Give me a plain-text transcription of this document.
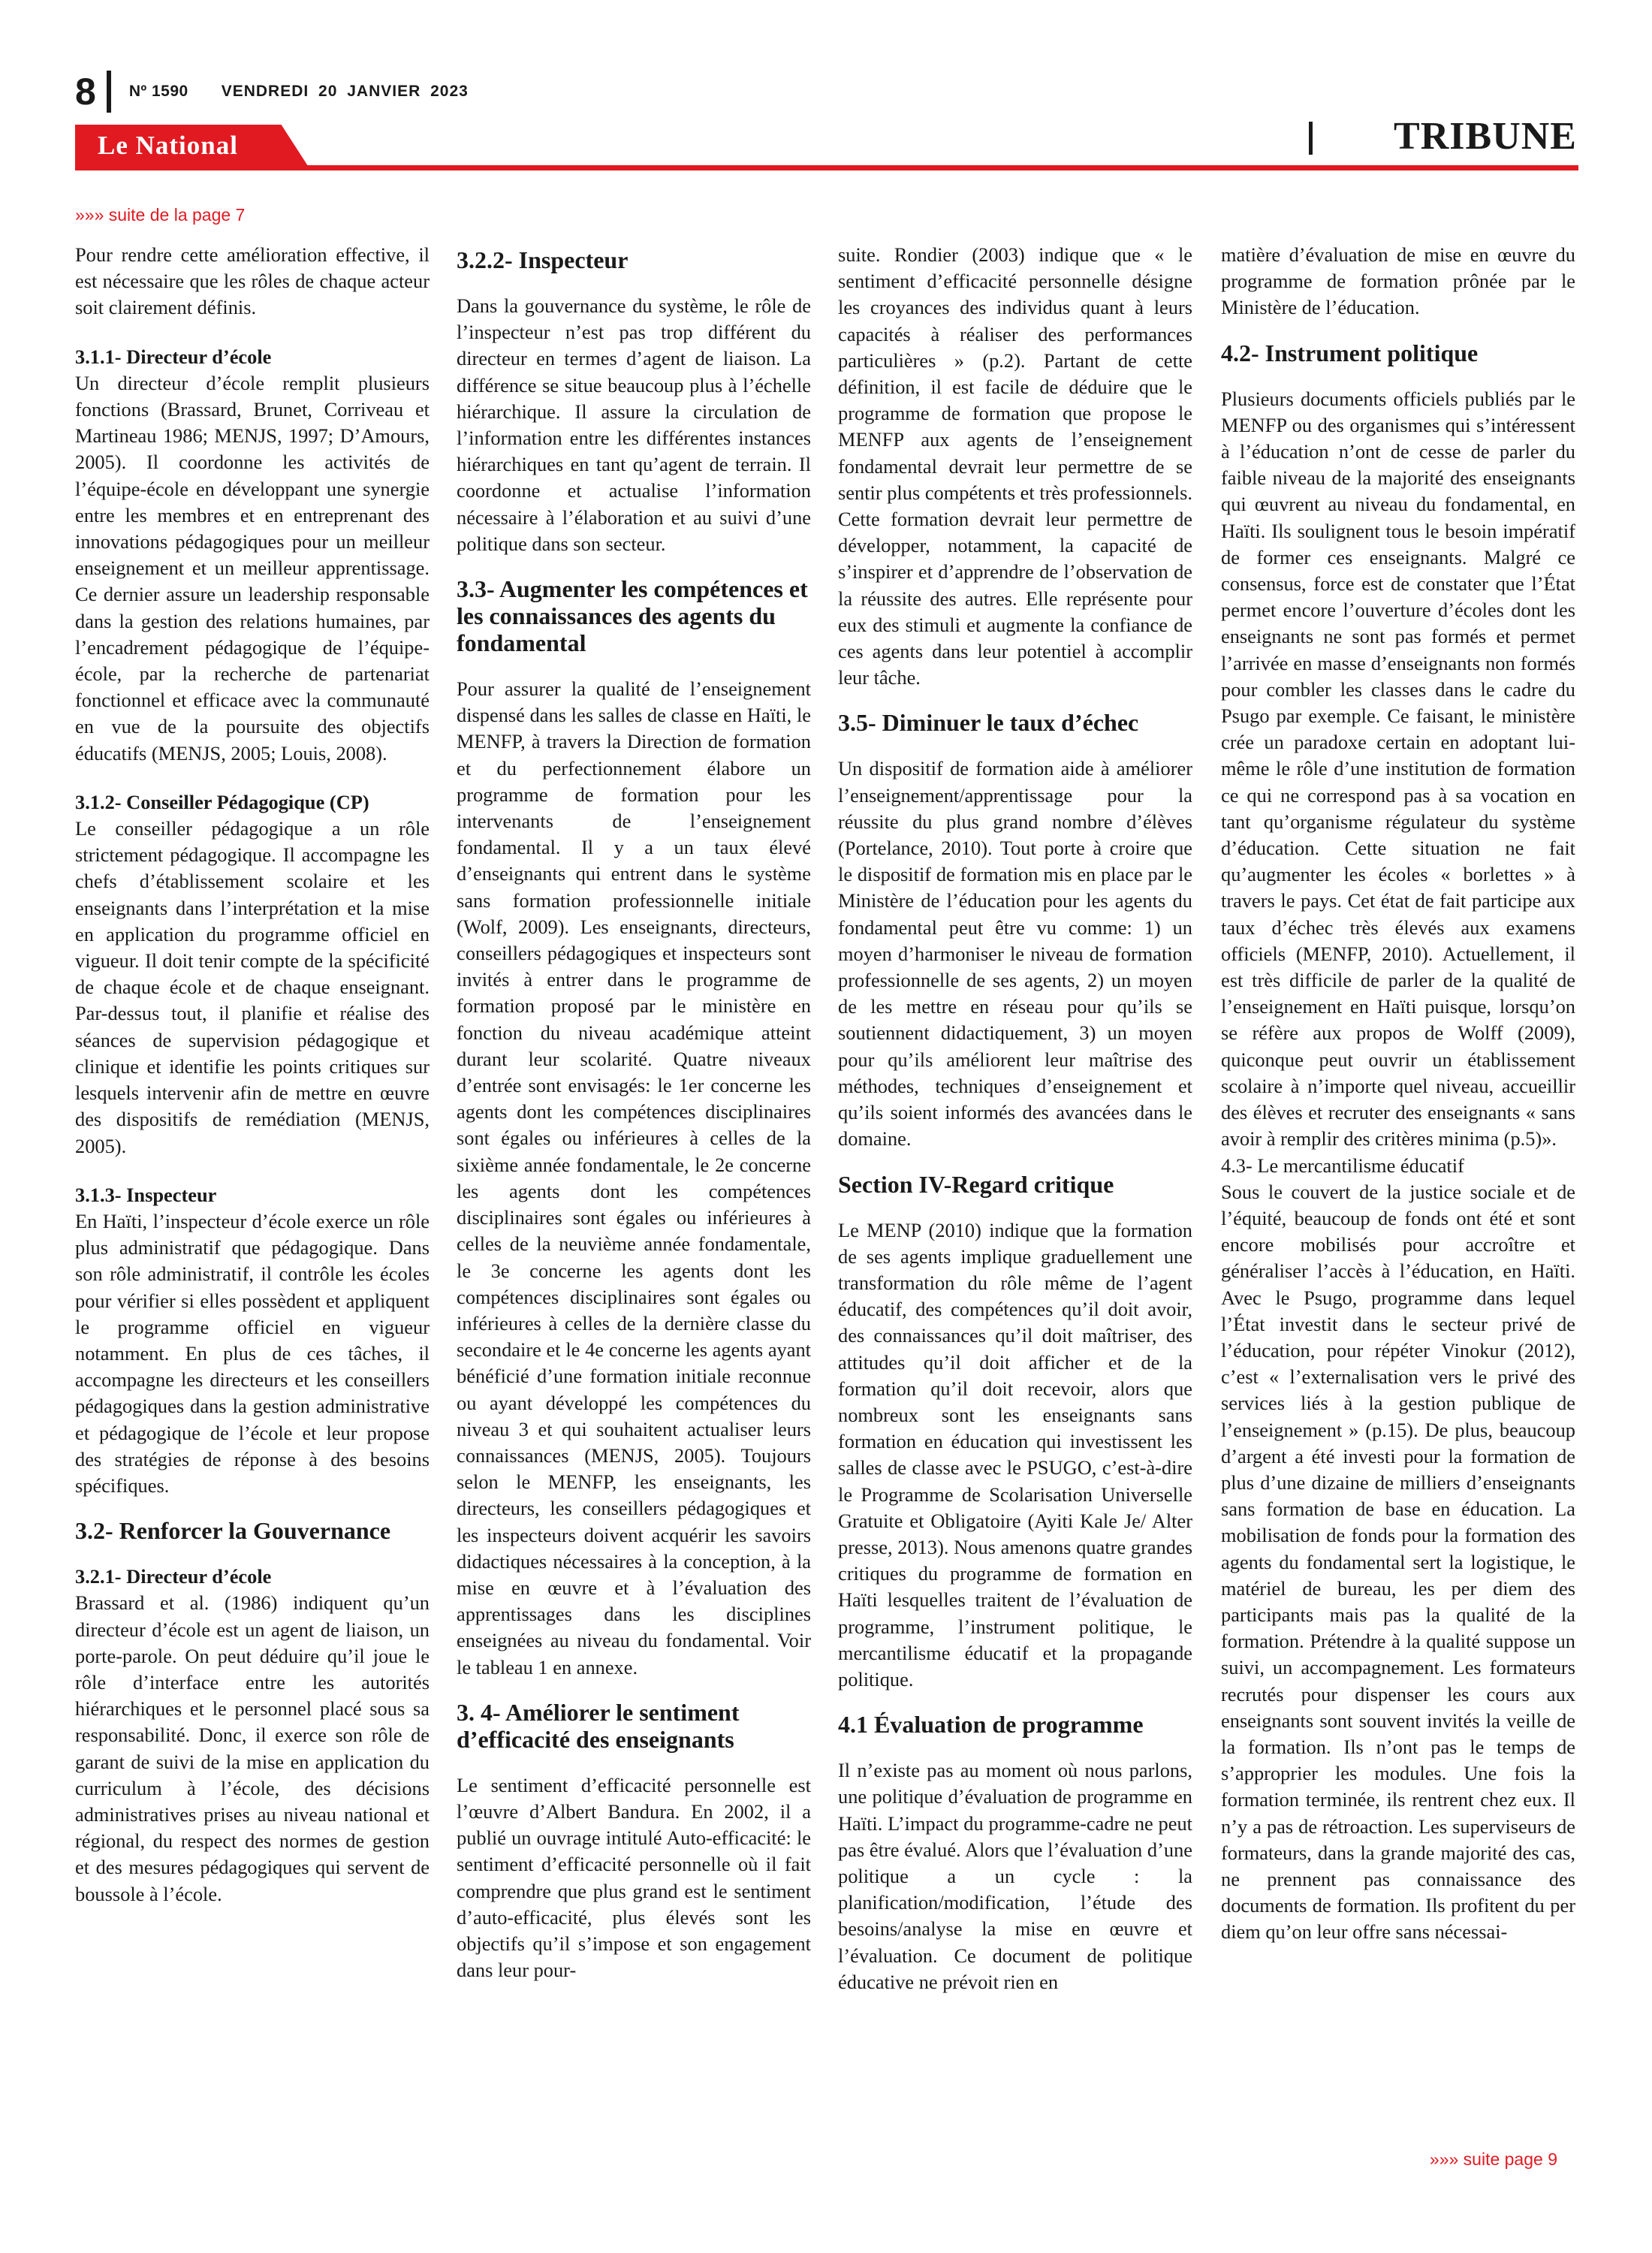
8 Nº 1590 VENDREDI 20 JANVIER 2023
Le National	TRIBUNE
»»» suite de la page 7

Pour rendre cette amélioration effective, il est nécessaire que les rôles de chaque acteur soit clairement définis.

3.1.1- Directeur d’école

Un directeur d’école remplit plusieurs fonctions (Brassard, Brunet, Corriveau et Martineau 1986; MENJS, 1997; D’Amours, 2005). Il coordonne les activités de l’équipe-école en développant une synergie entre les membres et en entreprenant des innovations pédagogiques pour un meilleur enseignement et un meilleur apprentissage. Ce dernier assure un leadership responsable dans la gestion des relations humaines, par l’encadrement pédagogique de l’équipe-école, par la recherche de partenariat fonctionnel et efficace avec la communauté en vue de la poursuite des objectifs éducatifs (MENJS, 2005; Louis, 2008).

3.1.2- Conseiller Pédagogique (CP)

Le conseiller pédagogique a un rôle strictement pédagogique. Il accompagne les chefs d’établissement scolaire et les enseignants dans l’interprétation et la mise en application du programme officiel en vigueur. Il doit tenir compte de la spécificité de chaque école et de chaque enseignant. Par-dessus tout, il planifie et réalise des séances de supervision pédagogique et clinique et identifie les points critiques sur lesquels intervenir afin de mettre en œuvre des dispositifs de remédiation (MENJS, 2005).

3.1.3- Inspecteur

En Haïti, l’inspecteur d’école exerce un rôle plus administratif que pédagogique. Dans son rôle administratif, il contrôle les écoles pour vérifier si elles possèdent et appliquent le programme officiel en vigueur notamment. En plus de ces tâches, il accompagne les directeurs et les conseillers pédagogiques dans la gestion administrative et pédagogique de l’école et leur propose des stratégies de réponse à des besoins spécifiques.

3.2- Renforcer la Gouvernance
3.2.1- Directeur d’école

Brassard et al. (1986) indiquent qu’un directeur d’école est un agent de liaison, un porte-parole. On peut déduire qu’il joue le rôle d’interface entre les autorités hiérarchiques et le personnel placé sous sa responsabilité. Donc, il exerce son rôle de garant de suivi de la mise en application du curriculum à l’école, des décisions administratives prises au niveau national et régional, du respect des normes de gestion et des mesures pédagogiques qui servent de boussole à l’école.

3.2.2- Inspecteur

Dans la gouvernance du système, le rôle de l’inspecteur n’est pas trop différent du directeur en termes d’agent de liaison. La différence se situe beaucoup plus à l’échelle hiérarchique. Il assure la circulation de l’information entre les différentes instances hiérarchiques en tant qu’agent de terrain. Il coordonne et actualise l’information nécessaire à l’élaboration et au suivi d’une politique dans son secteur.

3.3- Augmenter les compétences et les connaissances des agents du fondamental

Pour assurer la qualité de l’enseignement dispensé dans les salles de classe en Haïti, le MENFP, à travers la Direction de formation et du perfectionnement élabore un programme de formation pour les intervenants de l’enseignement fondamental. Il y a un taux élevé d’enseignants qui entrent dans le système sans formation professionnelle initiale (Wolf, 2009). Les enseignants, directeurs, conseillers pédagogiques et inspecteurs sont invités à entrer dans le programme de formation proposé par le ministère en fonction du niveau académique atteint durant leur scolarité. Quatre niveaux d’entrée sont envisagés: le 1er concerne les agents dont les compétences disciplinaires sont égales ou inférieures à celles de la sixième année fondamentale, le 2e concerne les agents dont les compétences disciplinaires sont égales ou inférieures à celles de la neuvième année fondamentale, le 3e concerne les agents dont les compétences disciplinaires sont égales ou inférieures à celles de la dernière classe du secondaire et le 4e concerne les agents ayant bénéficié d’une formation initiale reconnue ou ayant développé les compétences du niveau 3 et qui souhaitent actualiser leurs connaissances (MENJS, 2005). Toujours selon le MENFP, les enseignants, les directeurs, les conseillers pédagogiques et les inspecteurs doivent acquérir les savoirs didactiques nécessaires à la conception, à la mise en œuvre et à l’évaluation des apprentissages dans les disciplines enseignées au niveau du fondamental. Voir le tableau 1 en annexe.

3. 4- Améliorer le sentiment d’efficacité des enseignants

Le sentiment d’efficacité personnelle est l’œuvre d’Albert Bandura. En 2002, il a publié un ouvrage intitulé Auto-efficacité: le sentiment d’efficacité personnelle où il fait comprendre que plus grand est le sentiment d’auto-efficacité, plus élevés sont les objectifs qu’il s’impose et son engagement dans leur pour-

suite. Rondier (2003) indique que « le sentiment d’efficacité personnelle désigne les croyances des individus quant à leurs capacités à réaliser des performances particulières » (p.2). Partant de cette définition, il est facile de déduire que le programme de formation que propose le MENFP aux agents de l’enseignement fondamental devrait leur permettre de se sentir plus compétents et très professionnels. Cette formation devrait leur permettre de développer, notamment, la capacité de s’inspirer et d’apprendre de l’observation de la réussite des autres. Elle représente pour eux des stimuli et augmente la confiance de ces agents dans leur potentiel à accomplir leur tâche.

3.5- Diminuer le taux d’échec

Un dispositif de formation aide à améliorer l’enseignement/apprentissage pour la réussite du plus grand nombre d’élèves (Portelance, 2010). Tout porte à croire que le dispositif de formation mis en place par le Ministère de l’éducation pour les agents du fondamental peut être vu comme: 1) un moyen d’harmoniser le niveau de formation professionnelle de ses agents, 2) un moyen de les mettre en réseau pour qu’ils se soutiennent didactiquement, 3) un moyen pour qu’ils améliorent leur maîtrise des méthodes, techniques d’enseignement et qu’ils soient informés des avancées dans le domaine.

Section IV-Regard critique

Le MENP (2010) indique que la formation de ses agents implique graduellement une transformation du rôle même de l’agent éducatif, des compétences qu’il doit avoir, des connaissances qu’il doit maîtriser, des attitudes qu’il doit afficher et de la formation qu’il doit recevoir, alors que nombreux sont les enseignants sans formation en éducation qui investissent les salles de classe avec le PSUGO, c’est-à-dire le Programme de Scolarisation Universelle Gratuite et Obligatoire (Ayiti Kale Je/ Alter presse, 2013). Nous amenons quatre grandes critiques du programme de formation en Haïti lesquelles traitent de l’évaluation de programme, l’instrument politique, le mercantilisme éducatif et la propagande politique.

4.1 Évaluation de programme

Il n’existe pas au moment où nous parlons, une politique d’évaluation de programme en Haïti. L’impact du programme-cadre ne peut pas être évalué. Alors que l’évaluation d’une politique a un cycle : la planification/modification, l’étude des besoins/analyse la mise en œuvre et l’évaluation. Ce document de politique éducative ne prévoit rien en

matière d’évaluation de mise en œuvre du programme de formation prônée par le Ministère de l’éducation.

4.2- Instrument politique

Plusieurs documents officiels publiés par le MENFP ou des organismes qui s’intéressent à l’éducation n’ont de cesse de parler du faible niveau de la majorité des enseignants qui œuvrent au niveau du fondamental, en Haïti. Ils soulignent tous le besoin impératif de former ces enseignants. Malgré ce consensus, force est de constater que l’État permet encore l’ouverture d’écoles dont les enseignants ne sont pas formés et permet l’arrivée en masse d’enseignants non formés pour combler les classes dans le cadre du Psugo par exemple. Ce faisant, le ministère crée un paradoxe certain en adoptant lui-même le rôle d’une institution de formation ce qui ne correspond pas à sa vocation en tant qu’organisme régulateur du système d’éducation. Cette situation ne fait qu’augmenter les écoles « borlettes » à travers le pays. Cet état de fait participe aux taux d’échec très élevés aux examens officiels (MENFP, 2010). Actuellement, il est très difficile de parler de la qualité de l’enseignement en Haïti puisque, lorsqu’on se réfère aux propos de Wolff (2009), quiconque peut ouvrir un établissement scolaire à n’importe quel niveau, accueillir des élèves et recruter des enseignants « sans avoir à remplir des critères minima (p.5)».

4.3- Le mercantilisme éducatif

Sous le couvert de la justice sociale et de l’équité, beaucoup de fonds ont été et sont encore mobilisés pour accroître et généraliser l’accès à l’éducation, en Haïti. Avec le Psugo, programme dans lequel l’État investit dans le secteur privé de l’éducation, pour répéter Vinokur (2012), c’est « l’externalisation vers le privé des services liés à la gestion publique de l’enseignement » (p.15). De plus, beaucoup d’argent a été investi pour la formation de plus d’une dizaine de milliers d’enseignants sans formation de base en éducation. La mobilisation de fonds pour la formation des agents du fondamental sert la logistique, le matériel de bureau, les per diem des participants mais pas la qualité de la formation. Prétendre à la qualité suppose un suivi, un accompagnement. Les formateurs recrutés pour dispenser les cours aux enseignants sont souvent invités la veille de la formation. Ils n’ont pas le temps de s’approprier les modules. Une fois la formation terminée, ils rentrent chez eux. Il n’y a pas de rétroaction. Les superviseurs de formateurs, dans la grande majorité des cas, ne prennent pas connaissance des documents de formation. Ils profitent du per diem qu’on leur offre sans nécessai-

»»» suite page 9
